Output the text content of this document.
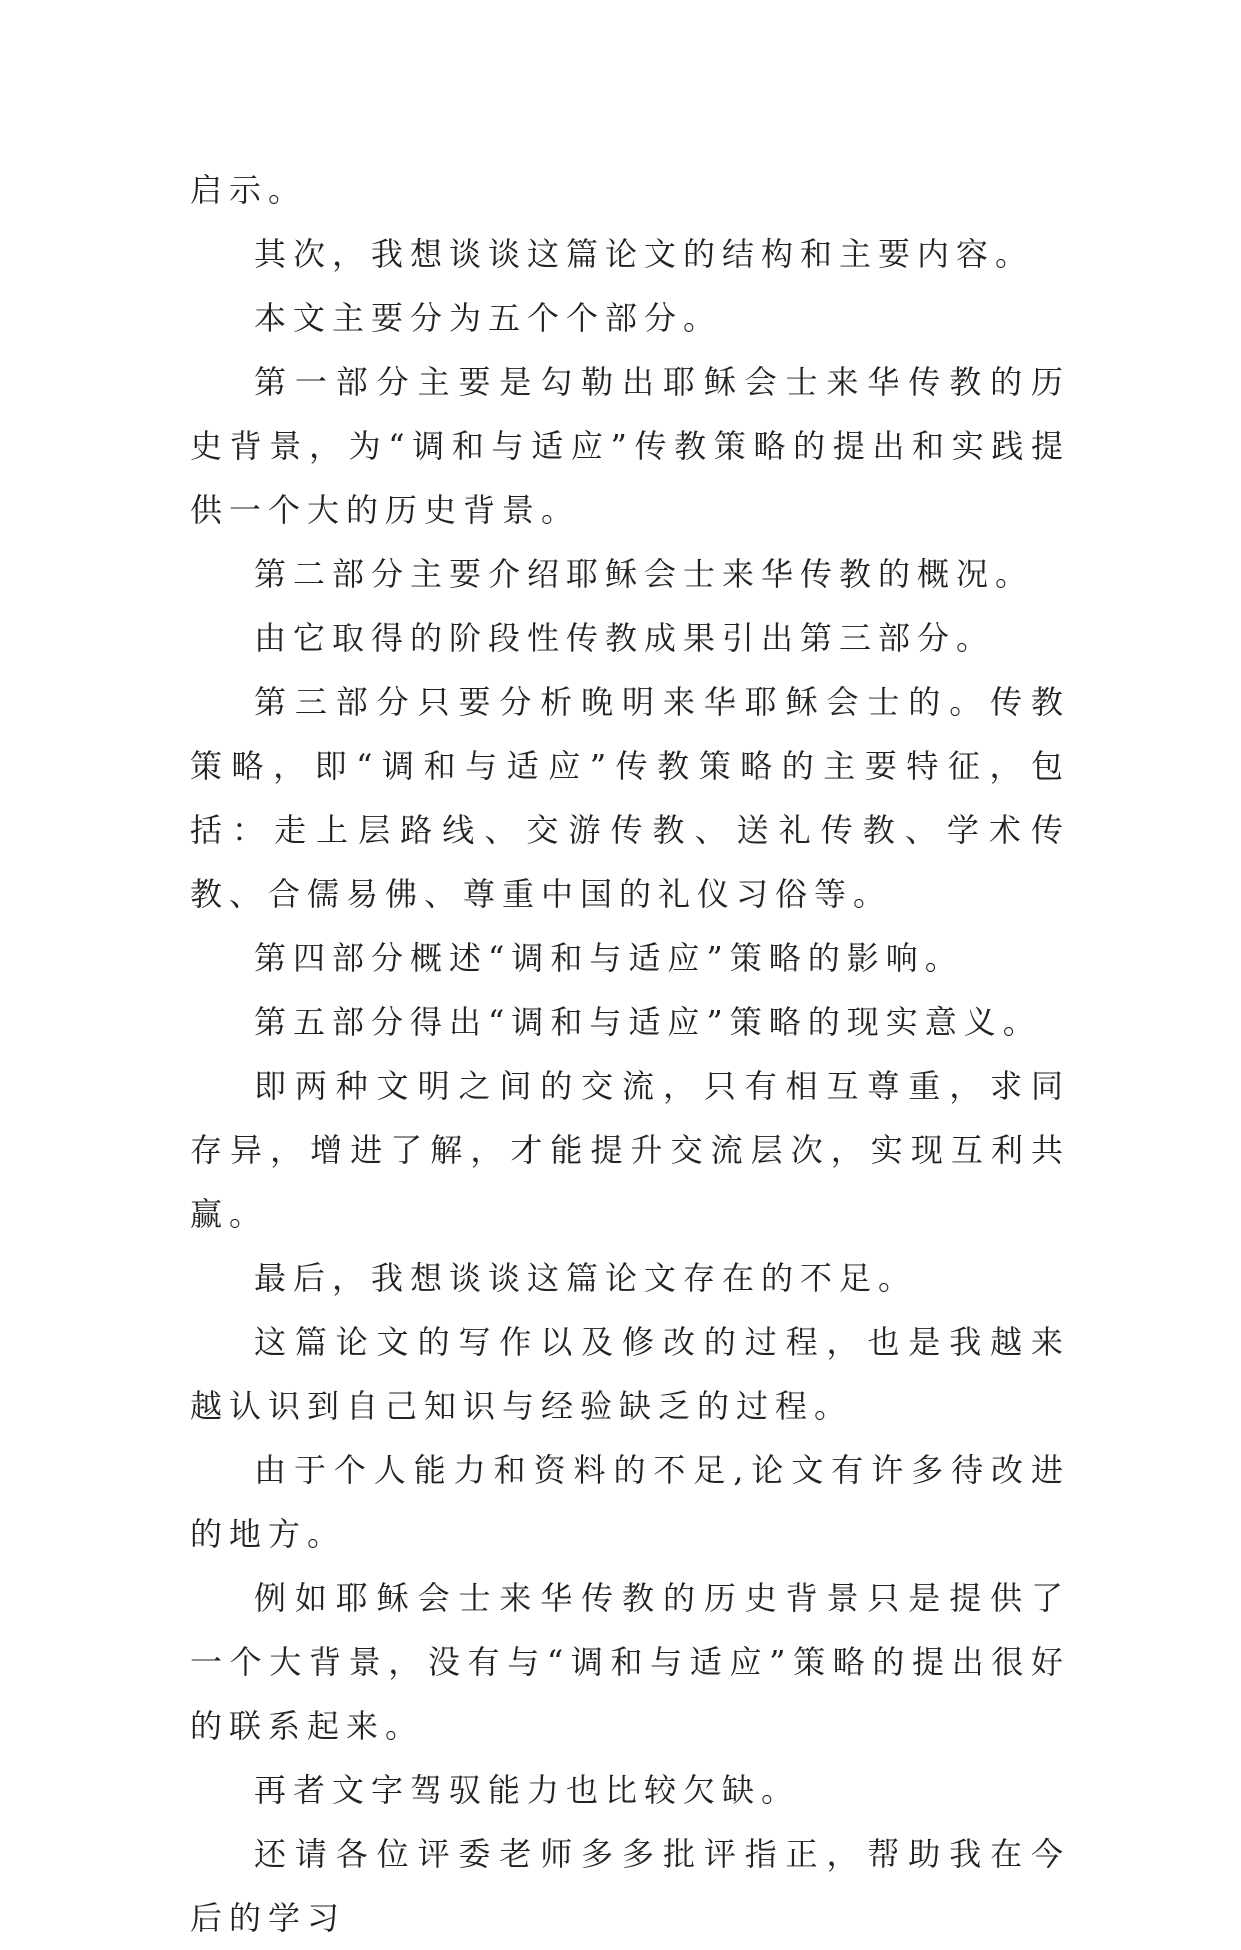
启示。

其次，我想谈谈这篇论文的结构和主要内容。

本文主要分为五个个部分。

第一部分主要是勾勒出耶稣会士来华传教的历史背景，为“调和与适应”传教策略的提出和实践提供一个大的历史背景。

第二部分主要介绍耶稣会士来华传教的概况。

由它取得的阶段性传教成果引出第三部分。

第三部分只要分析晚明来华耶稣会士的。传教策略，即“调和与适应”传教策略的主要特征，包括：走上层路线、交游传教、送礼传教、学术传教、合儒易佛、尊重中国的礼仪习俗等。

第四部分概述“调和与适应”策略的影响。

第五部分得出“调和与适应”策略的现实意义。

即两种文明之间的交流，只有相互尊重，求同存异，增进了解，才能提升交流层次，实现互利共赢。

最后，我想谈谈这篇论文存在的不足。

这篇论文的写作以及修改的过程，也是我越来越认识到自己知识与经验缺乏的过程。

由于个人能力和资料的不足,论文有许多待改进的地方。

例如耶稣会士来华传教的历史背景只是提供了一个大背景，没有与“调和与适应”策略的提出很好的联系起来。

再者文字驾驭能力也比较欠缺。

还请各位评委老师多多批评指正，帮助我在今后的学习
